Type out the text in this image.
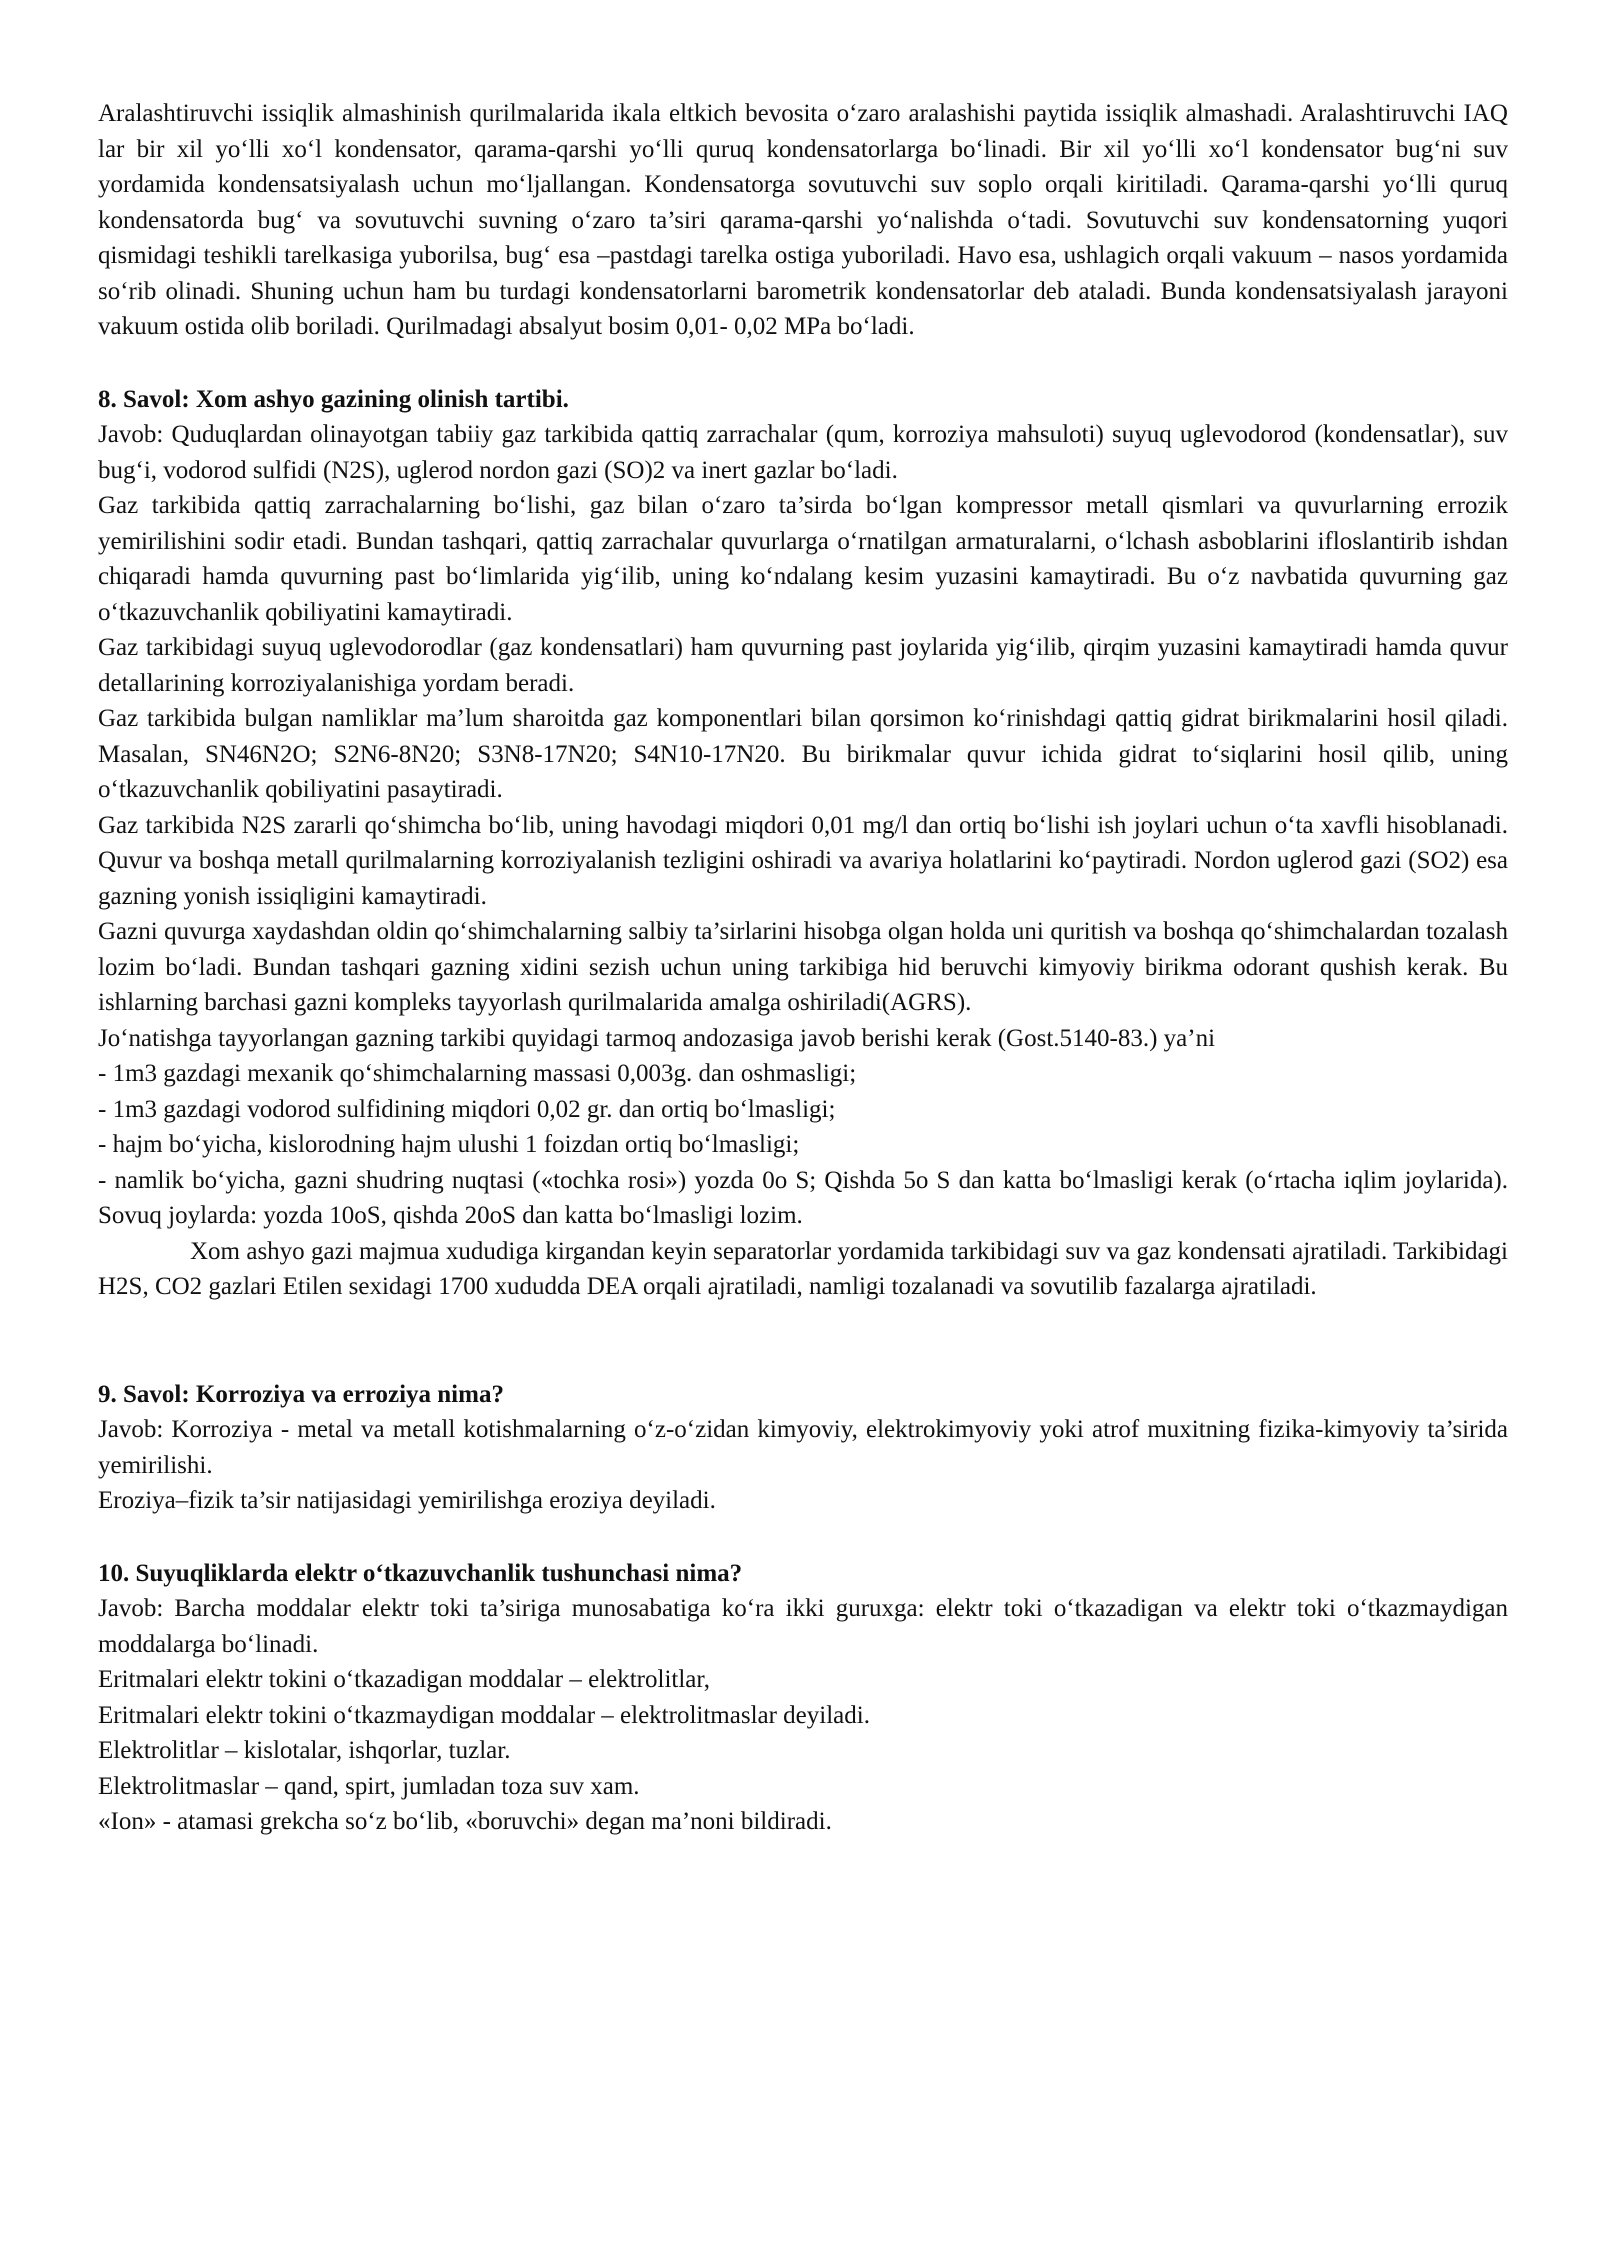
Aralashtiruvchi issiqlik almashinish qurilmalarida ikala eltkich bevosita o‘zaro aralashishi paytida issiqlik almashadi. Aralashtiruvchi IAQ lar bir xil yo‘lli xo‘l kondensator, qarama-qarshi yo‘lli quruq kondensatorlarga bo‘linadi. Bir xil yo‘lli xo‘l kondensator bug‘ni suv yordamida kondensatsiyalash uchun mo‘ljallangan. Kondensatorga sovutuvchi suv soplo orqali kiritiladi. Qarama-qarshi yo‘lli quruq kondensatorda bug‘ va sovutuvchi suvning o‘zaro ta’siri qarama-qarshi yo‘nalishda o‘tadi. Sovutuvchi suv kondensatorning yuqori qismidagi teshikli tarelkasiga yuborilsa, bug‘ esa –pastdagi tarelka ostiga yuboriladi. Havo esa, ushlagich orqali vakuum – nasos yordamida so‘rib olinadi. Shuning uchun ham bu turdagi kondensatorlarni barometrik kondensatorlar deb ataladi. Bunda kondensatsiyalash jarayoni vakuum ostida olib boriladi. Qurilmadagi absalyut bosim 0,01- 0,02 MPa bo‘ladi.

8. Savol: Xom ashyo gazining olinish tartibi.

Javob: Quduqlardan olinayotgan tabiiy gaz tarkibida qattiq zarrachalar (qum, korroziya mahsuloti) suyuq uglevodorod (kondensatlar), suv bug‘i, vodorod sulfidi (N2S), uglerod nordon gazi (SO)2 va inert gazlar bo‘ladi.

Gaz tarkibida qattiq zarrachalarning bo‘lishi, gaz bilan o‘zaro ta’sirda bo‘lgan kompressor metall qismlari va quvurlarning errozik yemirilishini sodir etadi. Bundan tashqari, qattiq zarrachalar quvurlarga o‘rnatilgan armaturalarni, o‘lchash asboblarini ifloslantirib ishdan chiqaradi hamda quvurning past bo‘limlarida yig‘ilib, uning ko‘ndalang kesim yuzasini kamaytiradi. Bu o‘z navbatida quvurning gaz o‘tkazuvchanlik qobiliyatini kamaytiradi.

Gaz tarkibidagi suyuq uglevodorodlar (gaz kondensatlari) ham quvurning past joylarida yig‘ilib, qirqim yuzasini kamaytiradi hamda quvur detallarining korroziyalanishiga yordam beradi.

Gaz tarkibida bulgan namliklar ma’lum sharoitda gaz komponentlari bilan qorsimon ko‘rinishdagi qattiq gidrat birikmalarini hosil qiladi. Masalan, SN46N2O; S2N6-8N20; S3N8-17N20; S4N10-17N20. Bu birikmalar quvur ichida gidrat to‘siqlarini hosil qilib, uning o‘tkazuvchanlik qobiliyatini pasaytiradi.

Gaz tarkibida N2S zararli qo‘shimcha bo‘lib, uning havodagi miqdori 0,01 mg/l dan ortiq bo‘lishi ish joylari uchun o‘ta xavfli hisoblanadi. Quvur va boshqa metall qurilmalarning korroziyalanish tezligini oshiradi va avariya holatlarini ko‘paytiradi. Nordon uglerod gazi (SO2) esa gazning yonish issiqligini kamaytiradi.

Gazni quvurga xaydashdan oldin qo‘shimchalarning salbiy ta’sirlarini hisobga olgan holda uni quritish va boshqa qo‘shimchalardan tozalash lozim bo‘ladi. Bundan tashqari gazning xidini sezish uchun uning tarkibiga hid beruvchi kimyoviy birikma odorant qushish kerak. Bu ishlarning barchasi gazni kompleks tayyorlash qurilmalarida amalga oshiriladi(AGRS).

Jo‘natishga tayyorlangan gazning tarkibi quyidagi tarmoq andozasiga javob berishi kerak (Gost.5140-83.) ya’ni

- 1m3 gazdagi mexanik qo‘shimchalarning massasi 0,003g. dan oshmasligi;

- 1m3 gazdagi vodorod sulfidining miqdori 0,02 gr. dan ortiq bo‘lmasligi;

- hajm bo‘yicha, kislorodning hajm ulushi 1 foizdan ortiq bo‘lmasligi;

- namlik bo‘yicha, gazni shudring nuqtasi («tochka rosi») yozda 0o S; Qishda 5o S dan katta bo‘lmasligi kerak (o‘rtacha iqlim joylarida). Sovuq joylarda: yozda 10oS, qishda 20oS dan katta bo‘lmasligi lozim.

Xom ashyo gazi majmua xududiga kirgandan keyin separatorlar yordamida tarkibidagi suv va gaz kondensati ajratiladi. Tarkibidagi H2S, CO2 gazlari Etilen sexidagi 1700 xududda DEA orqali ajratiladi, namligi tozalanadi va sovutilib fazalarga ajratiladi.

9. Savol: Korroziya va erroziya nima?

Javob: Korroziya - metal va metall kotishmalarning o‘z-o‘zidan kimyoviy, elektrokimyoviy yoki atrof muxitning fizika-kimyoviy ta’sirida yemirilishi.

Eroziya–fizik ta’sir natijasidagi yemirilishga eroziya deyiladi.

10. Suyuqliklarda elektr o‘tkazuvchanlik tushunchasi nima?

Javob: Barcha moddalar elektr toki ta’siriga munosabatiga ko‘ra ikki guruxga: elektr toki o‘tkazadigan va elektr toki o‘tkazmaydigan moddalarga bo‘linadi.

Eritmalari elektr tokini o‘tkazadigan moddalar – elektrolitlar,

Eritmalari elektr tokini o‘tkazmaydigan moddalar – elektrolitmaslar deyiladi.

Elektrolitlar – kislotalar, ishqorlar, tuzlar.

Elektrolitmaslar – qand, spirt, jumladan toza suv xam.

«Ion» - atamasi grekcha so‘z bo‘lib, «boruvchi» degan ma’noni bildiradi.
